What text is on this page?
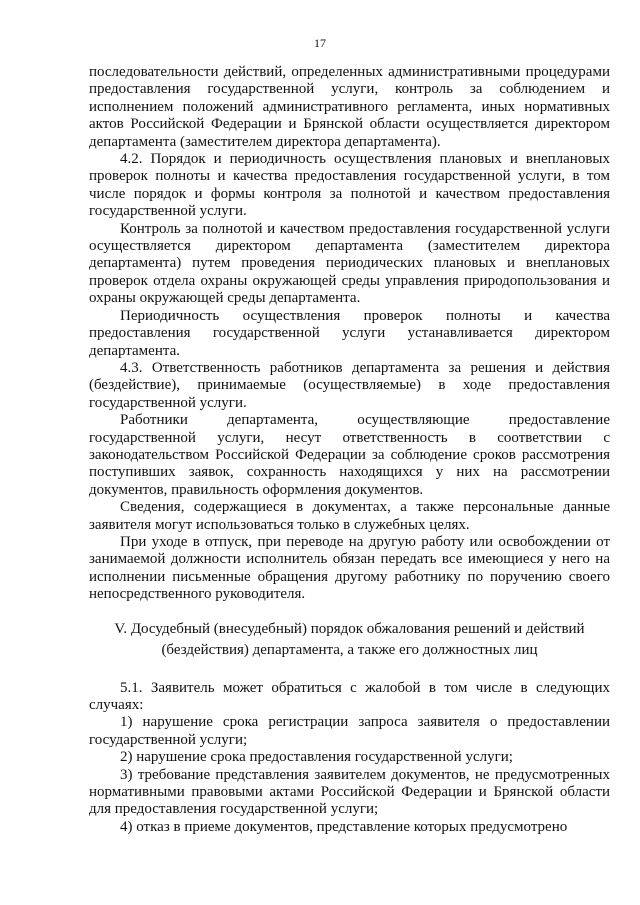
17

последовательности действий, определенных административными процедурами предоставления государственной услуги, контроль за соблюдением и исполнением положений административного регламента, иных нормативных актов Российской Федерации и Брянской области осуществляется директором департамента (заместителем директора департамента).

4.2. Порядок и периодичность осуществления плановых и внеплановых проверок полноты и качества предоставления государственной услуги, в том числе порядок и формы контроля за полнотой и качеством предоставления государственной услуги.

Контроль за полнотой и качеством предоставления государственной услуги осуществляется директором департамента (заместителем директора департамента) путем проведения периодических плановых и внеплановых проверок отдела охраны окружающей среды управления природопользования и охраны окружающей среды департамента.

Периодичность осуществления проверок полноты и качества предоставления государственной услуги устанавливается директором департамента.

4.3. Ответственность работников департамента за решения и действия (бездействие), принимаемые (осуществляемые) в ходе предоставления государственной услуги.

Работники департамента, осуществляющие предоставление государственной услуги, несут ответственность в соответствии с законодательством Российской Федерации за соблюдение сроков рассмотрения поступивших заявок, сохранность находящихся у них на рассмотрении документов, правильность оформления документов.

Сведения, содержащиеся в документах, а также персональные данные заявителя могут использоваться только в служебных целях.

При уходе в отпуск, при переводе на другую работу или освобождении от занимаемой должности исполнитель обязан передать все имеющиеся у него на исполнении письменные обращения другому работнику по поручению своего непосредственного руководителя.

V. Досудебный (внесудебный) порядок обжалования решений и действий
(бездействия) департамента, а также его должностных лиц

5.1. Заявитель может обратиться с жалобой в том числе в следующих случаях:

1) нарушение срока регистрации запроса заявителя о предоставлении государственной услуги;

2) нарушение срока предоставления государственной услуги;

3) требование представления заявителем документов, не предусмотренных нормативными правовыми актами Российской Федерации и Брянской области для предоставления государственной услуги;

4) отказ в приеме документов, представление которых предусмотрено
